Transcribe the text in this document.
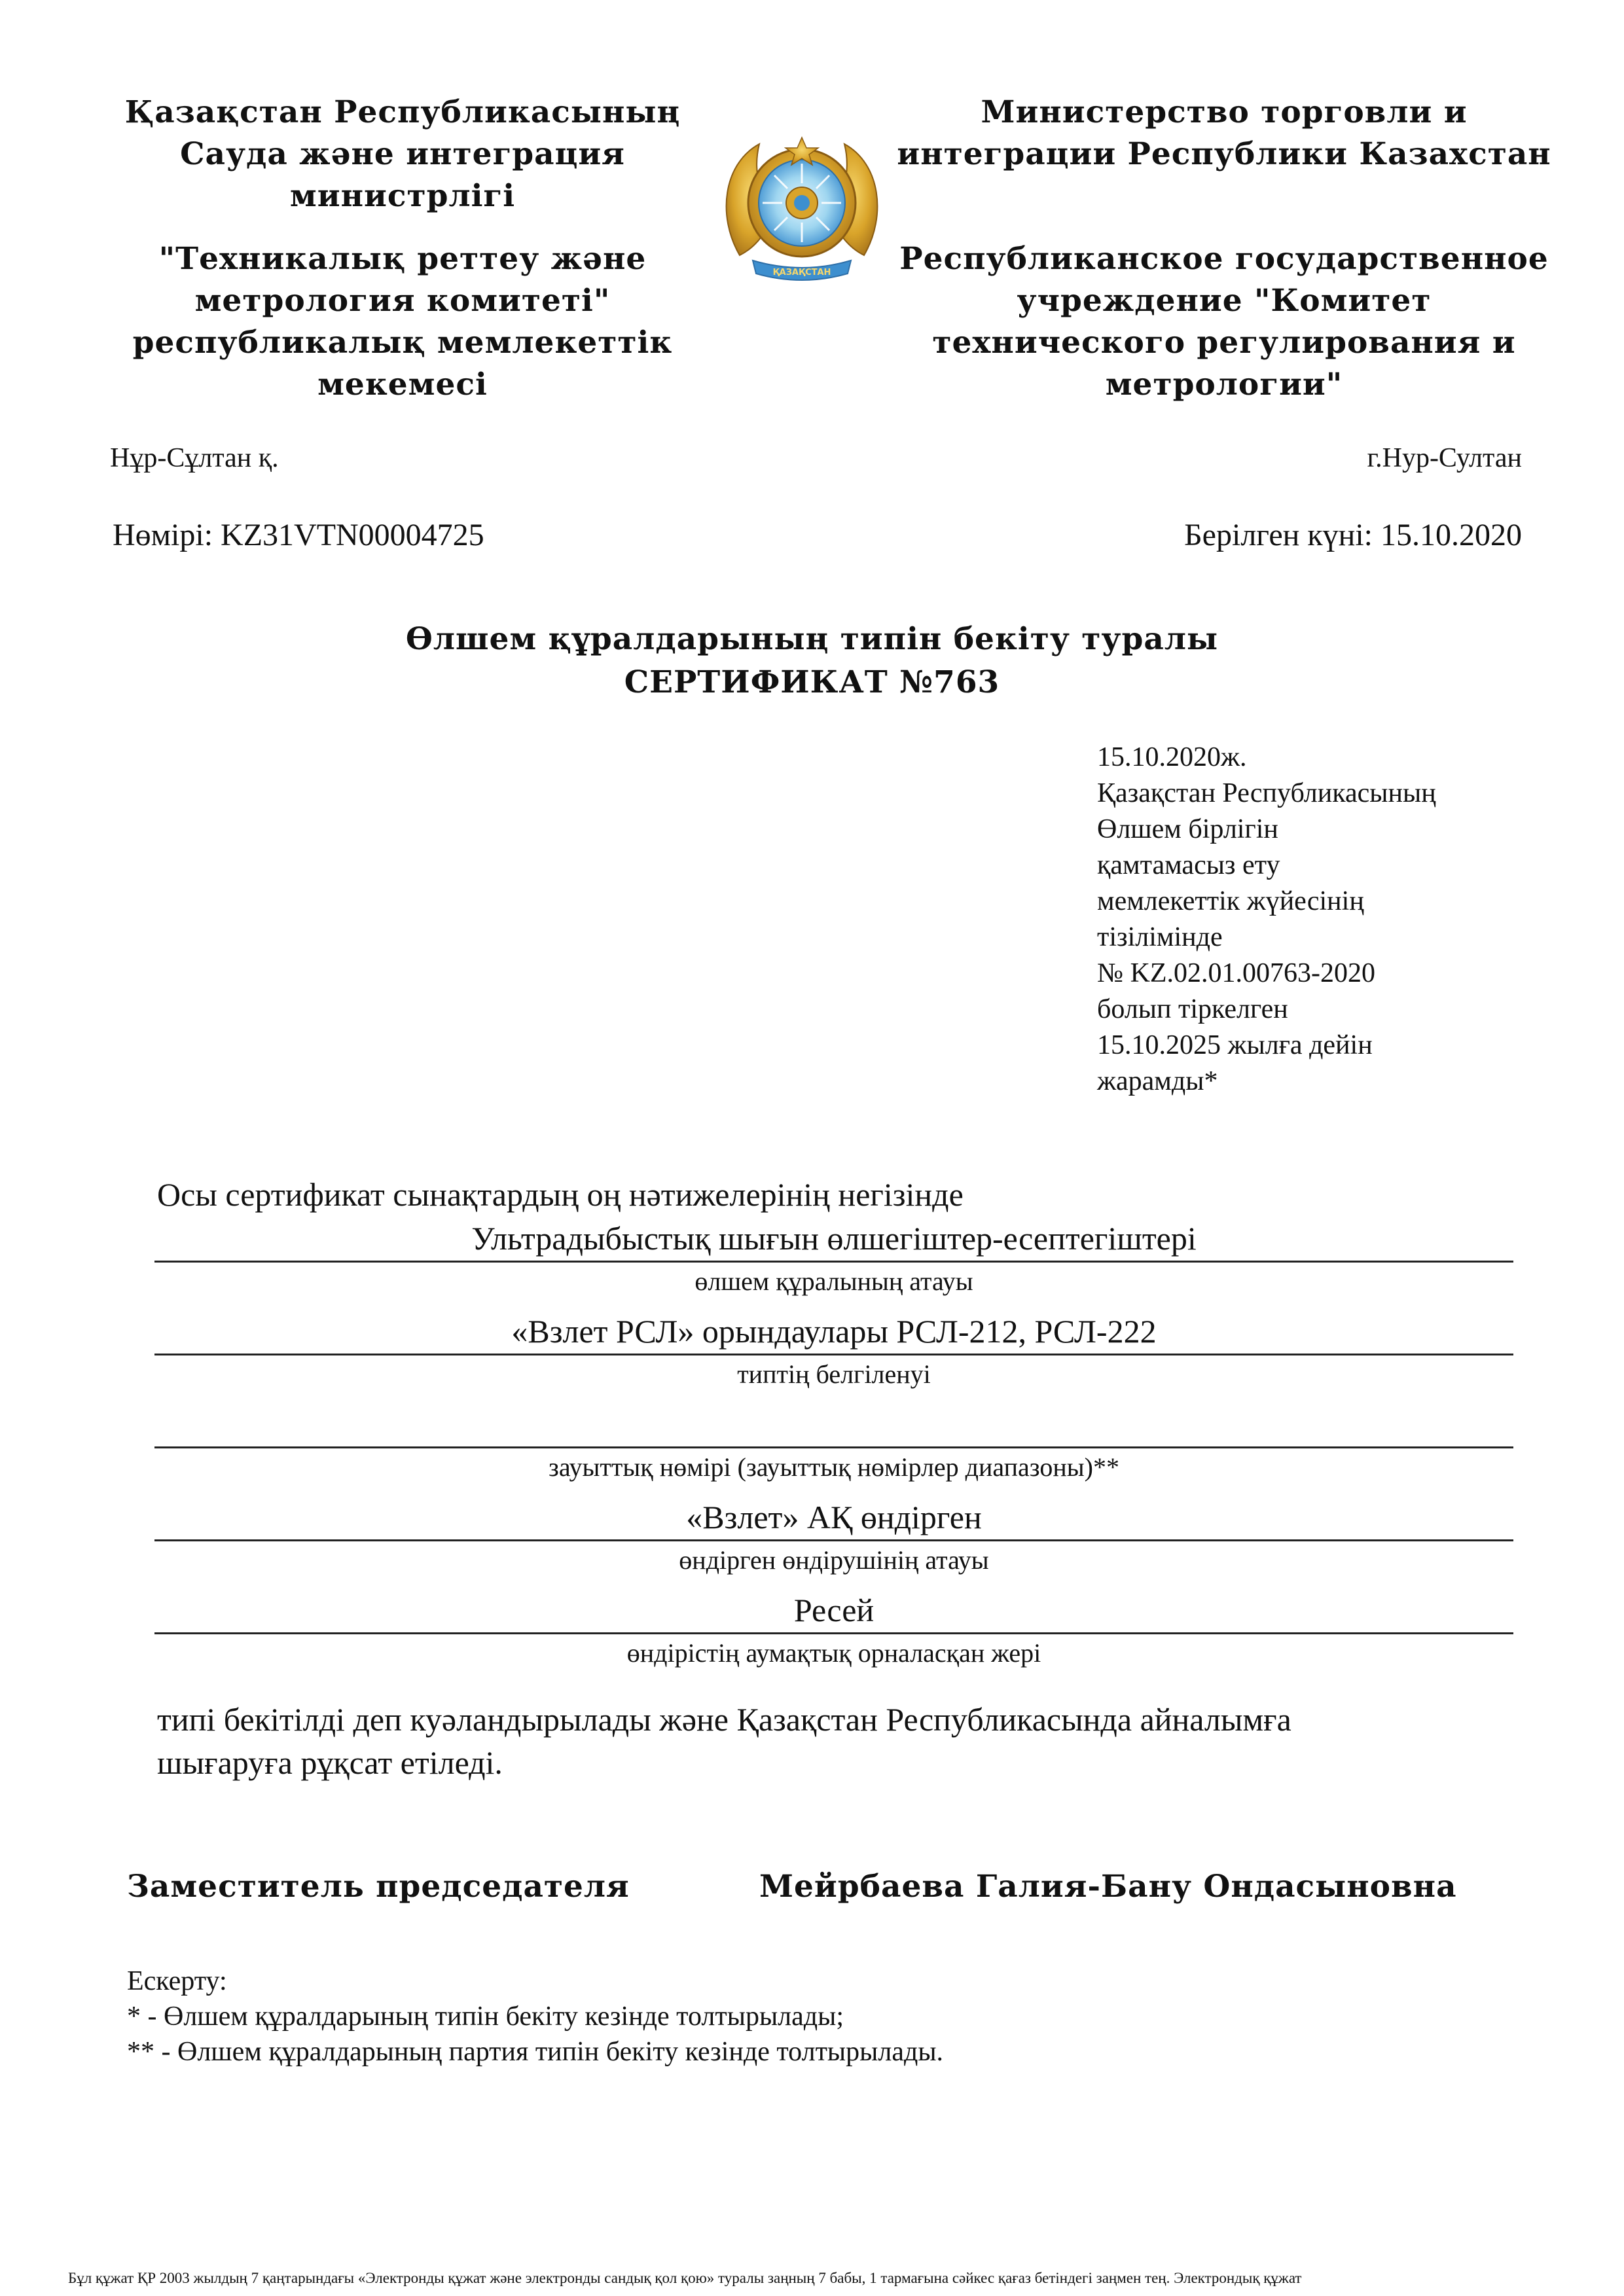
Қазақстан Республикасының

Сауда және интеграция

министрлігі

"Техникалық реттеу және

метрология комитеті"

республикалық мемлекеттік

мекемесі

ҚАЗАҚСТАН

Министерство торговли и

интеграции Республики Казахстан

Республиканское государственное

учреждение "Комитет

технического регулирования и

метрологии"

Нұр-Сұлтан қ.	г.Нур-Султан
Нөмірі: KZ31VTN00004725	Берілген күні: 15.10.2020

Өлшем құралдарының типін бекіту туралы

СЕРТИФИКАТ №763

15.10.2020ж.

Қазақстан Республикасының

Өлшем бірлігін

қамтамасыз ету

мемлекеттік жүйесінің

тізілімінде

№ KZ.02.01.00763-2020

болып тіркелген

15.10.2025 жылға дейін

жарамды*

Осы сертификат сынақтардың оң нәтижелерінің негізінде
Ультрадыбыстық шығын өлшегіштер-есептегіштері
өлшем құралының атауы
«Взлет РСЛ» орындаулары РСЛ-212, РСЛ-222
типтің белгіленуі
зауыттық нөмірі (зауыттық нөмірлер диапазоны)**
«Взлет» АҚ өндірген
өндірген өндірушінің атауы
Ресей
өндірістің аумақтық орналасқан жері
типі бекітілді деп куәландырылады және Қазақстан Республикасында айналымға
шығаруға рұқсат етіледі.
Заместитель председателя	Мейрбаева Галия-Бану Ондасыновна

Ескерту:

* - Өлшем құралдарының типін бекіту кезінде толтырылады;

** - Өлшем құралдарының партия типін бекіту кезінде толтырылады.

Бұл құжат ҚР 2003 жылдың 7 қаңтарындағы «Электронды құжат және электронды сандық қол қою» туралы заңның 7 бабы, 1 тармағына сәйкес қағаз бетіндегі заңмен тең. Электрондық құжат
